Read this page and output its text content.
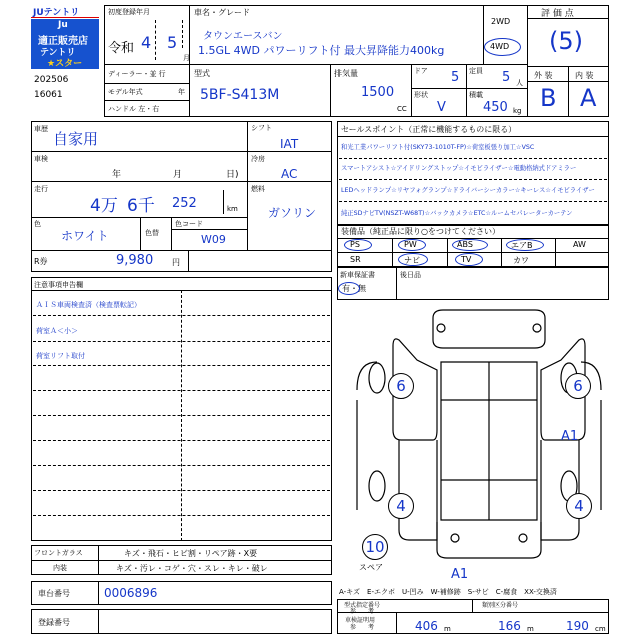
JUテントリ
Ju
適正販売店
テントリ
★スター
202506
16061
初度登録年月
令和 4 5
月
車名・グレード
タウンエースバン
1.5GL 4WD パワーリフト付 最大昇降能力400kg
2WD
4WD
ディーラー・並 行
モデル年式	年
ハンドル 左・右
型式
5BF-S413M
排気量
1500
CC
ドア 5 定員 5 人
形状
V
積載
450 kg
評 価 点
(5)
外 装	内 装
B A
車歴
自家用
車検
年	月	日)
走行
4万 6千 252	km
色
ホワイト	色替
色コード
W09
シフト
IAT
冷房
AC
燃料
ガソリン
R券	9,980 円
セールスポイント（正常に機能するものに限る）
和光工業パワーリフト付(SKY73-1010T-FP)☆荷室板張り加工☆VSC
スマートアシスト☆アイドリングストップ☆イモビライザー☆電動格納式ドアミラー
LEDヘッドランプ☆リヤフォグランプ☆ドライバーシーカラー☆キーレス☆イモビライザー
純正SDナビTV(NSZT-W68T)☆バックカメラ☆ETC☆ルームセパレーターカーテン
装備品（純正品に限り○をつけてください）
PS	PW	ABS	エアB	AW
SR	ナビ	TV	カワ
新車保証書
有・無
後日品
注意事項申告欄
ＡＩＳ車両検査済（検査票転記）
荷室Ａ＜小＞
荷室リフト取付
フロントガラス	キズ・飛石・ヒビ割・リペア跡・X要
内装	キズ・汚レ・コゲ・穴・スレ・キレ・破レ
車台番号	0006896
登録番号
6	6
A1
4	4
10
スペア	A1
A-キズ　E-エクボ　U-凹み　W-補修跡　S-サビ　C-腐食　XX-交換済
型式指定番号
参　　考
類別区分番号
車検証明用
参　　考	406 m	166 m	190 cm
